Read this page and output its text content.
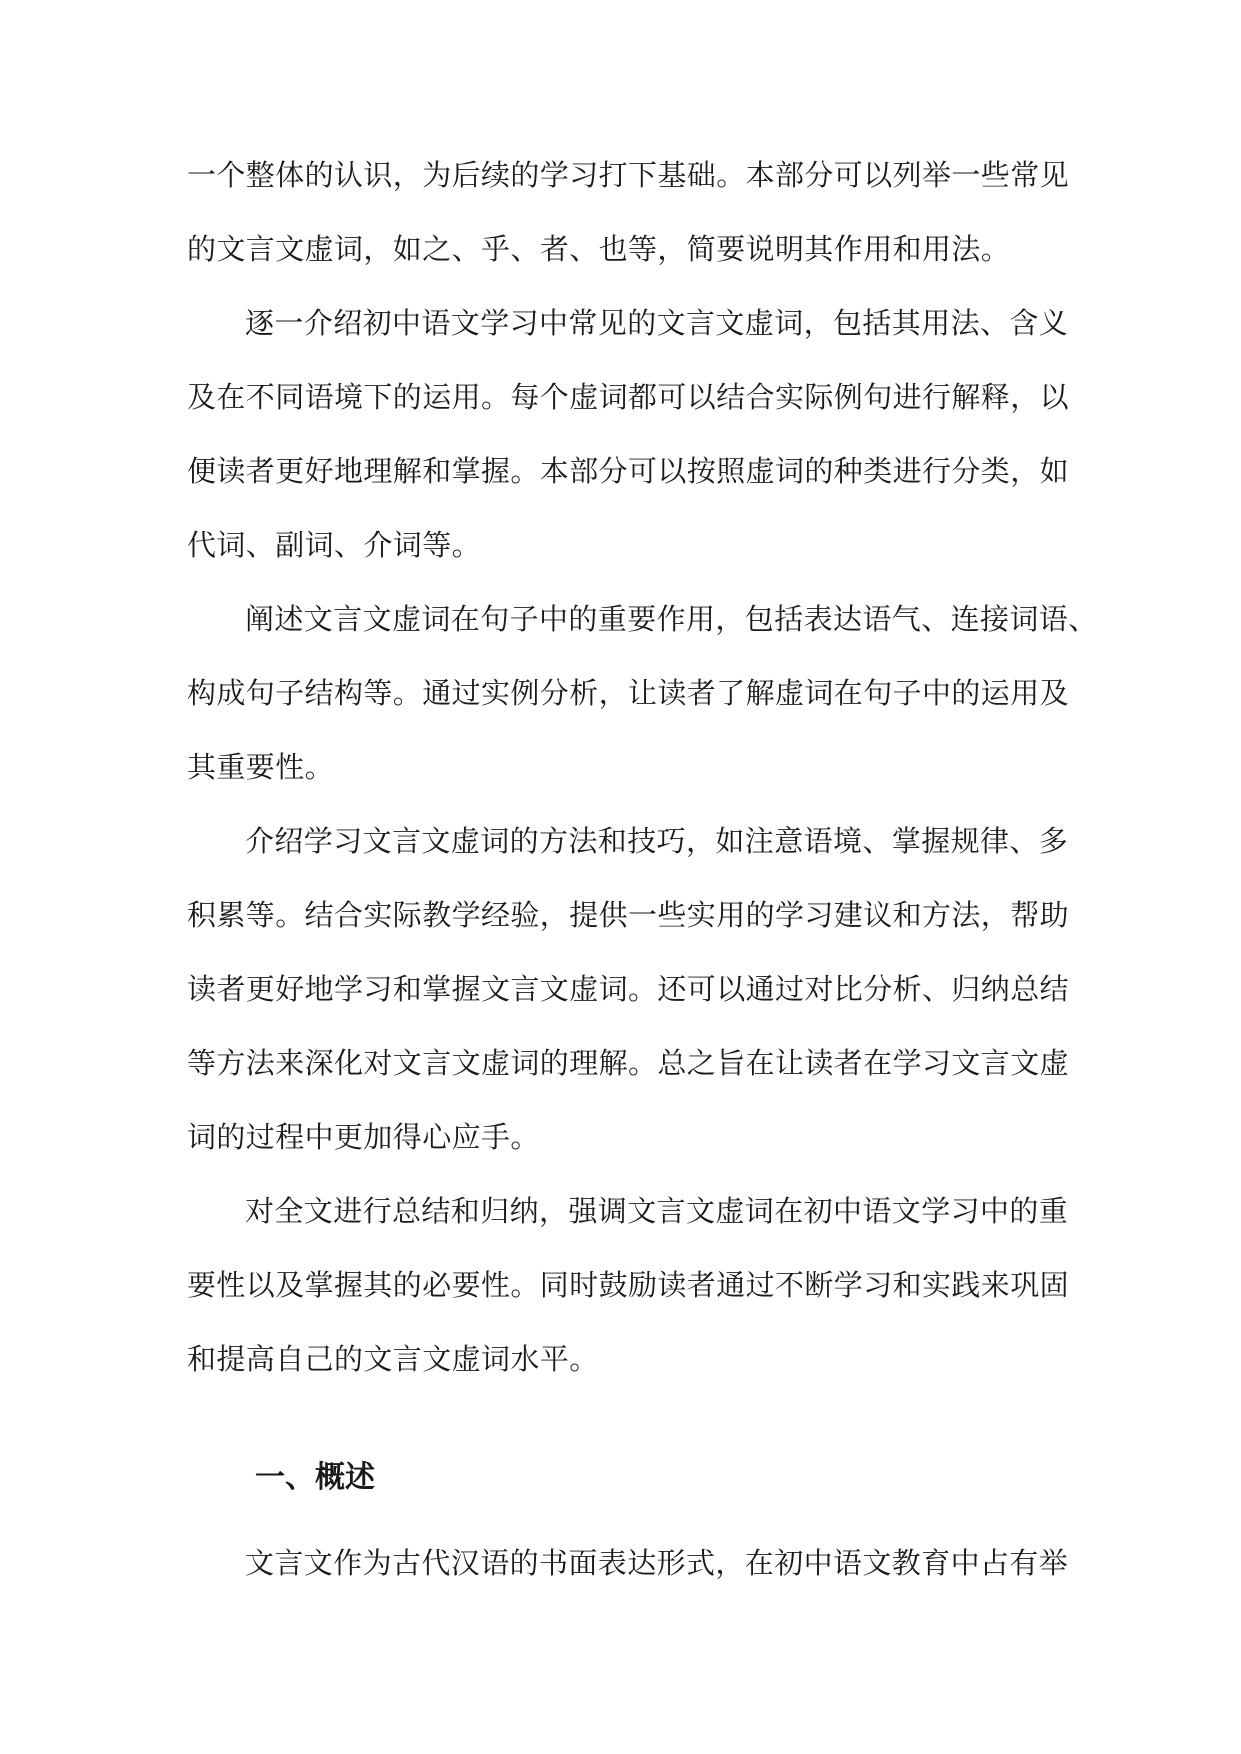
一个整体的认识，为后续的学习打下基础。本部分可以列举一些常见
的文言文虚词，如之、乎、者、也等，简要说明其作用和用法。
逐一介绍初中语文学习中常见的文言文虚词，包括其用法、含义
及在不同语境下的运用。每个虚词都可以结合实际例句进行解释，以
便读者更好地理解和掌握。本部分可以按照虚词的种类进行分类，如
代词、副词、介词等。
阐述文言文虚词在句子中的重要作用，包括表达语气、连接词语、
构成句子结构等。通过实例分析，让读者了解虚词在句子中的运用及
其重要性。
介绍学习文言文虚词的方法和技巧，如注意语境、掌握规律、多
积累等。结合实际教学经验，提供一些实用的学习建议和方法，帮助
读者更好地学习和掌握文言文虚词。还可以通过对比分析、归纳总结
等方法来深化对文言文虚词的理解。总之旨在让读者在学习文言文虚
词的过程中更加得心应手。
对全文进行总结和归纳，强调文言文虚词在初中语文学习中的重
要性以及掌握其的必要性。同时鼓励读者通过不断学习和实践来巩固
和提高自己的文言文虚词水平。
一、概述
文言文作为古代汉语的书面表达形式，在初中语文教育中占有举
